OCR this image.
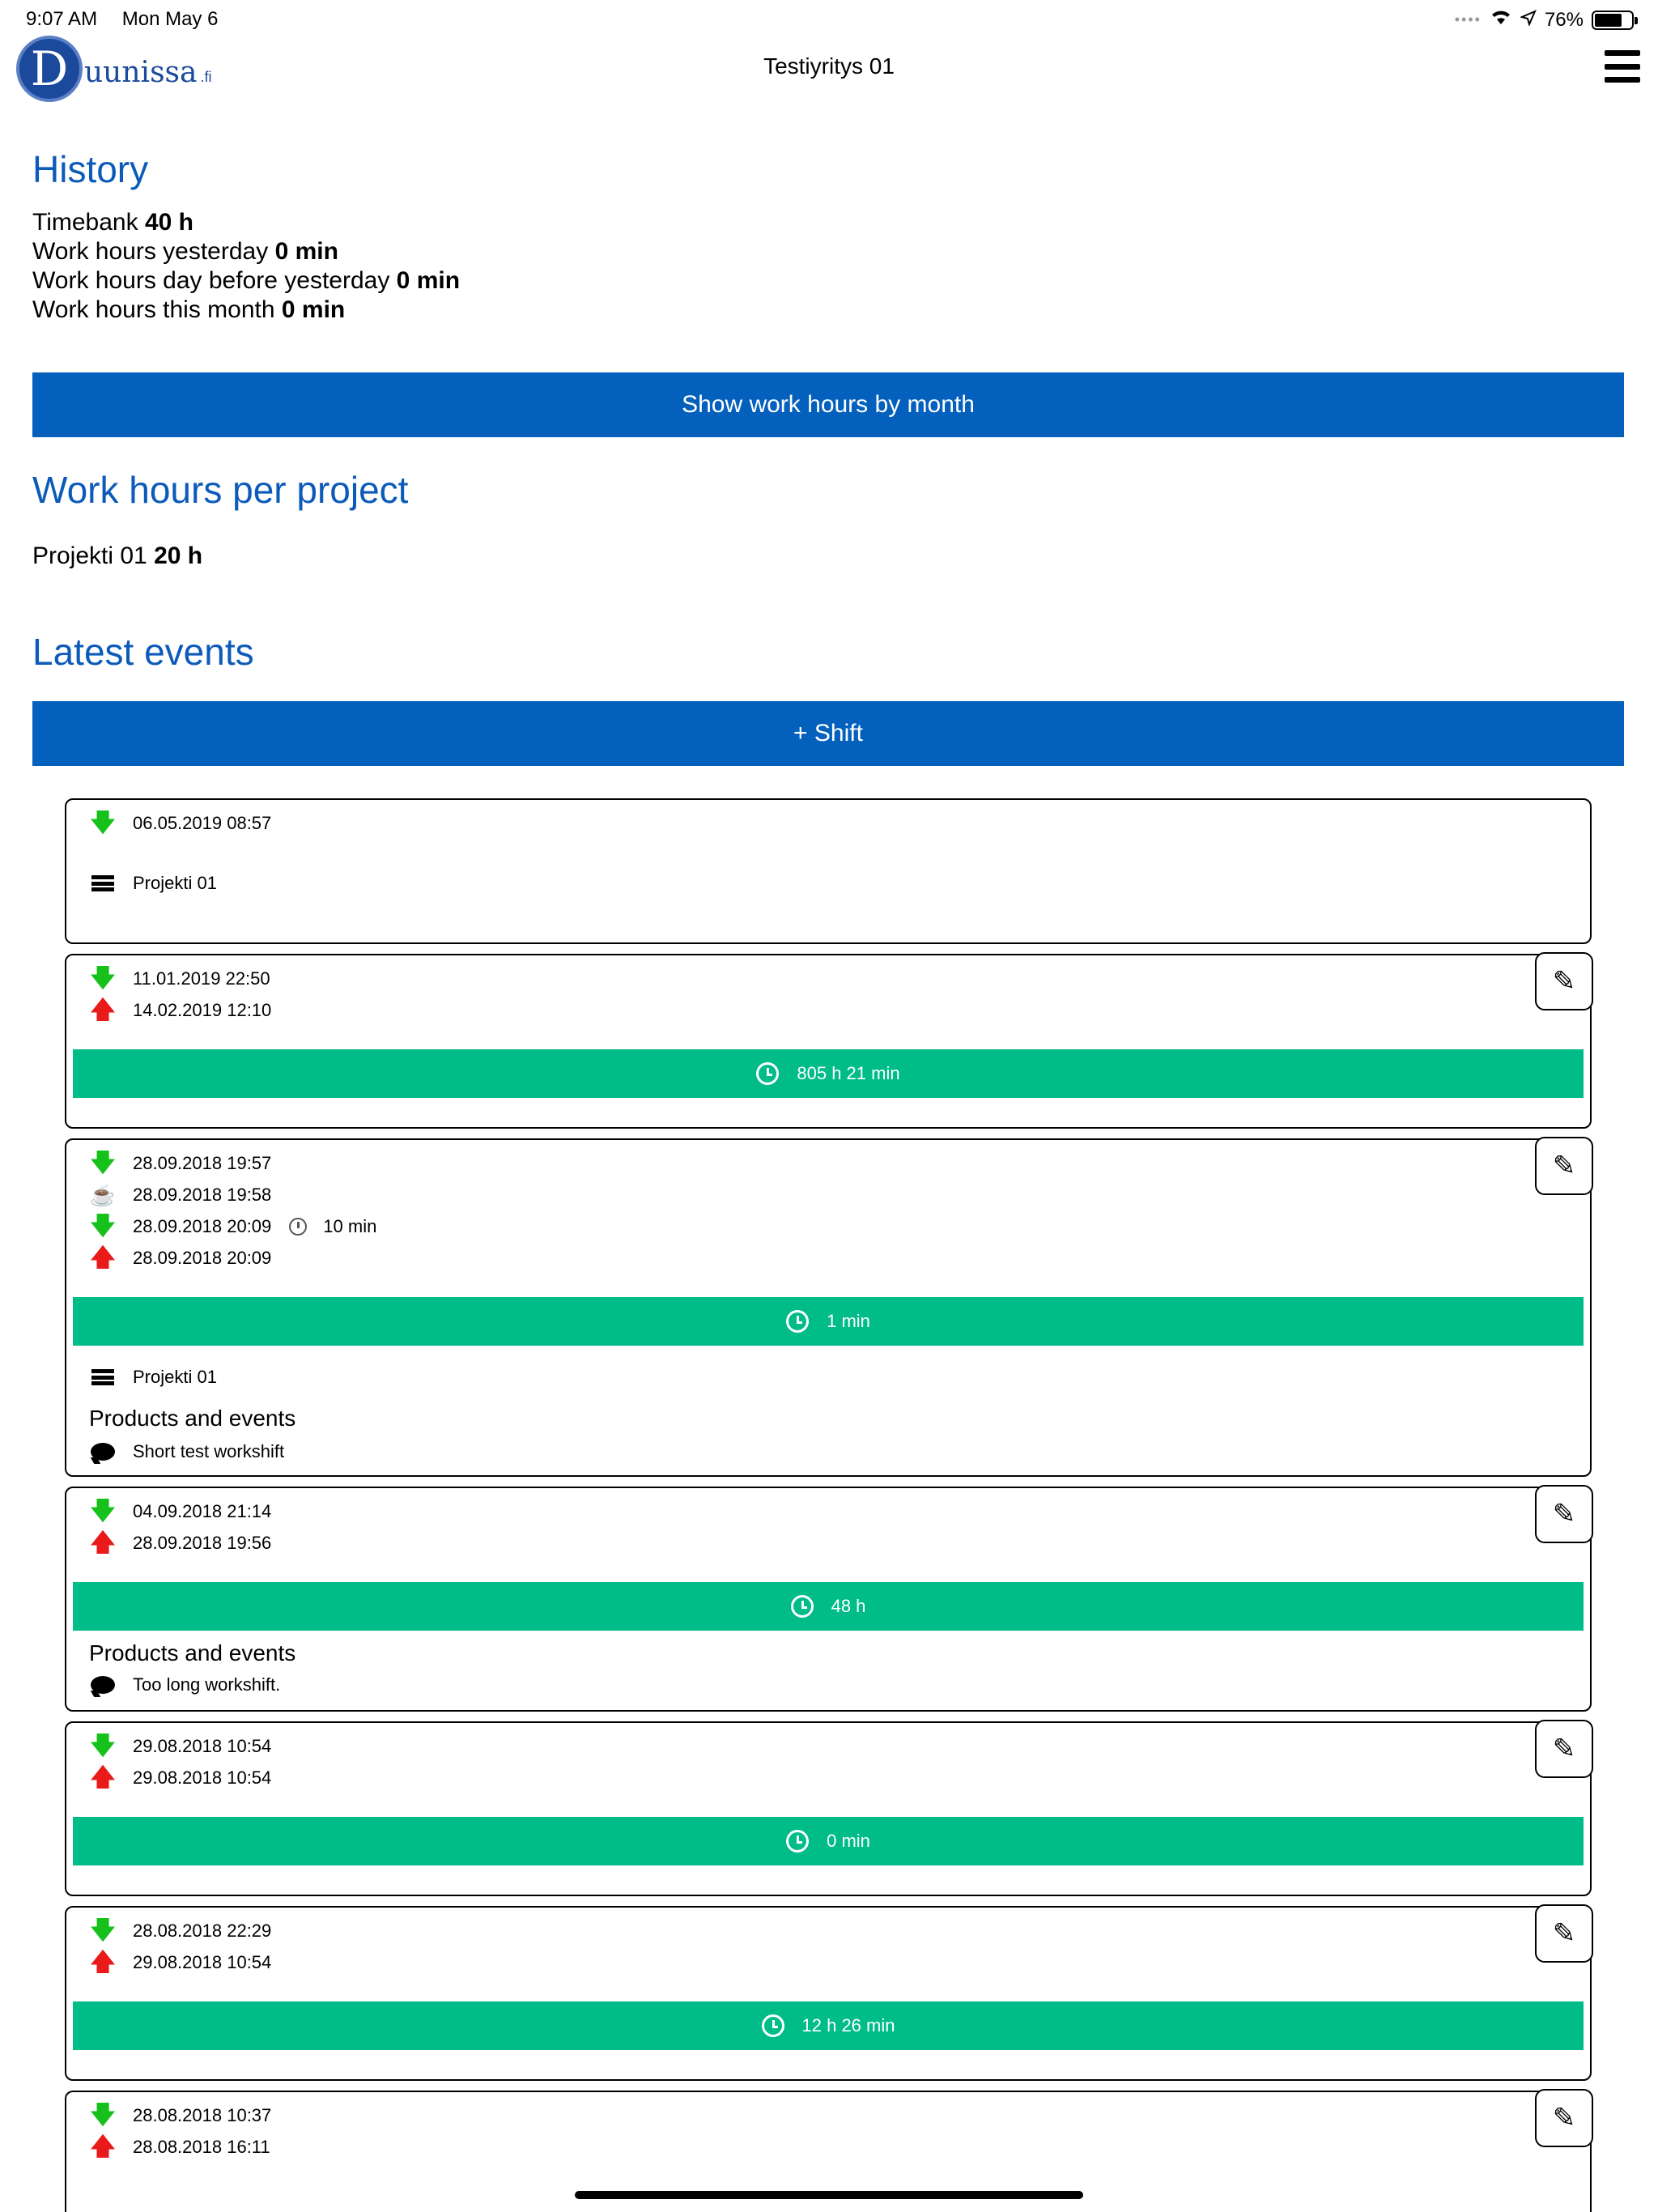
9:07 AM Mon May 6	••••	76%
D uunissa .fi	Testiyritys 01
History
Timebank 40 h
Work hours yesterday 0 min
Work hours day before yesterday 0 min
Work hours this month 0 min
Show work hours by month
Work hours per project
Projekti 01 20 h
Latest events
+ Shift
🡇 06.05.2019 08:57
Projekti 01
✎
🡇 11.01.2019 22:50
🡅 14.02.2019 12:10
805 h 21 min
✎
🡇 28.09.2018 19:57
☕ 28.09.2018 19:58
🡇 28.09.2018 20:09	10 min
🡅 28.09.2018 20:09
1 min
Projekti 01
Products and events
Short test workshift
✎
🡇 04.09.2018 21:14
🡅 28.09.2018 19:56
48 h
Products and events
Too long workshift.
✎
🡇 29.08.2018 10:54
🡅 29.08.2018 10:54
0 min
✎
🡇 28.08.2018 22:29
🡅 29.08.2018 10:54
12 h 26 min
✎
🡇 28.08.2018 10:37
🡅 28.08.2018 16:11
